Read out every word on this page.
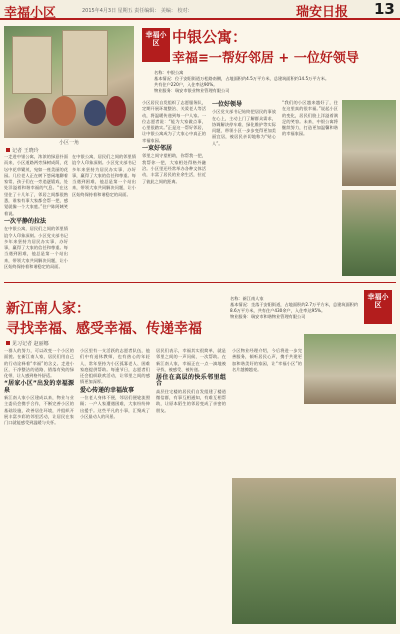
幸福小区	2015年4月3日 星期五 责任编辑： 美编： 校对：	瑞安日报 13
小区一角
记者 王晓玲
幸福小区 中银公寓：
幸福≡一帮好邻居 + 一位好领导
名称：中银公寓
基本情况：位于安阳街道万松路南侧，占地面积约4.5万平方米，总建筑面积约14.5万平方米。
共有住户220户，入住率达90%。
物业服务：瑞安市银业物业管理有限公司
一走进中银公寓，浓浓的绿意扑面而来，小区道路两旁绿树成荫，花坛中花草繁茂，宛如一座美丽的花园。几位老人正在树下悠闲地聊着家常，孩子们在一旁追逐嬉戏，处处洋溢着和谐幸福的气息。“在这里住了十几年了，邻居之间都很熟悉，谁家有事大家都会帮一把，感觉就像一个大家庭。”住户陈阿姨笑着说。
一次平静的拉法
在中银公寓，居民们之间的邻里情谊令人印象深刻。小区党支部书记多年来坚持为居民办实事、办好事，赢得了大家的信任和尊重。每当遇到困难，他总是第一个站出来，带领大家共同解决问题，让小区始终保持着和谐稳定的局面。
在中银公寓，居民们之间的邻里情谊令人印象深刻。小区党支部书记多年来坚持为居民办实事、办好事，赢得了大家的信任和尊重。每当遇到困难，他总是第一个站出来，带领大家共同解决问题，让小区始终保持着和谐稳定的局面。
小区居民自发组织了志愿服务队，定期开展环境整治、关爱老人等活动，将温暖传递到每一户人家。一位志愿者说：“能为大家做点事，心里很踏实。”正是这一帮好邻居，让中银公寓成为了大家心中真正的幸福家园。
一束好邻居
邻里之间守望相助，你帮我一把，我帮你一把，大家相处得格外融洽。小区里还经常举办各种文体活动，丰富了居民的业余生活，拉近了彼此之间的距离。
一位好领导
小区党支部书记始终把居民的事放在心上，主动上门了解群众需求，协调解决停车难、绿化维护等实际问题，带领小区一步步变得更加美丽宜居，被居民亲切地称为“贴心人”。
“我们的小区越来越好了，住在这里真的很幸福。”说起小区的变化，居民们脸上洋溢着满足的笑容。未来，中银公寓将继续努力，打造更加温馨和谐的幸福家园。
幸福小区
新江南人家：
寻找幸福、感受幸福、传递幸福
名称：新江南人家
基本情况：坐落于安阳街道，占地面积约2.7万平方米，总建筑面积约8.6万平方米，共有住户430余户，入住率达95%。
物业服务：瑞安市和谐物业管理有限公司
见习记者 赵丽娜
一群人的努力，可以改变一个小区的面貌。在新江南人家，居民们用自己的行动诠释着“幸福”的含义。走进小区，干净整洁的道路、错落有致的绿化带，让人感到格外舒适。
“居家小区”出发的幸福源泉
新江南人家小区建成以来，物业与业主委员会携手合作，不断完善小区的基础设施，改善居住环境，并组织开展丰富多彩的邻里活动，让居民在家门口就能感受到温暖与关怀。
小区里有一支活跃的志愿者队伍，他们中有退休教师，也有热心的年轻人，常年坚持为小区孤寡老人、困难家庭提供帮助。每逢节日，志愿者们还会组织联欢活动，让邻里之间的感情更加深厚。
爱心传递的幸福故事
一位老人身体不便，邻居们便轮流照顾；一户人家遭遇困难，大家纷纷伸出援手。这些平凡的小事，汇聚成了小区最动人的风景。
居民们表示，幸福其实很简单，就是邻里之间的一声问候、一次帮助。在新江南人家，幸福正在一点一滴地被寻找、被感受、被传递。
居住在高层的快乐邻里组合
高层住宅楼的居民们自发组建了楼道微信群，有事互相通知，有难互相帮助，让原本陌生的邻居变成了亲密的朋友。
小区物业经理介绍，今后将进一步完善服务，倾听居民心声，携手共建更加和谐美好的家园，让“幸福小区”的名片越擦越亮。
